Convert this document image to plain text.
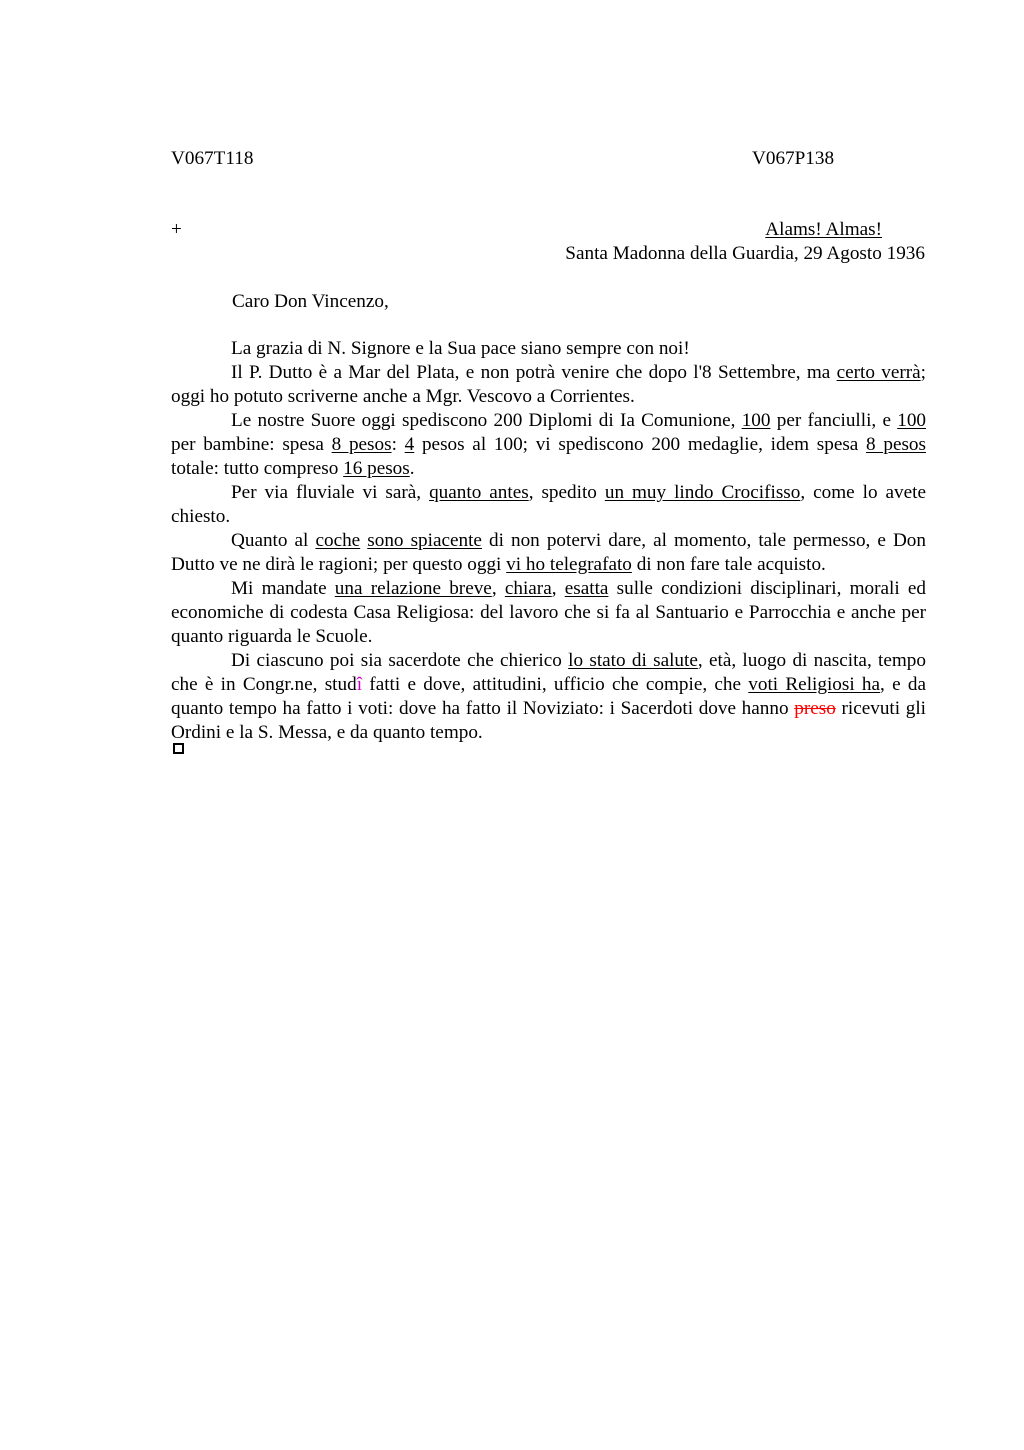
V067T118	V067P138
+	Alams! Almas!
Santa Madonna della Guardia, 29 Agosto 1936
Caro Don Vincenzo,

La grazia di N. Signore e la Sua pace siano sempre con noi!

Il P. Dutto è a Mar del Plata, e non potrà venire che dopo l'8 Settembre, ma certo verrà; oggi ho potuto scriverne anche a Mgr. Vescovo a Corrientes.

Le nostre Suore oggi spediscono 200 Diplomi di Ia Comunione, 100 per fanciulli, e 100 per bambine: spesa 8 pesos: 4 pesos al 100; vi spediscono 200 medaglie, idem spesa 8 pesos totale: tutto compreso 16 pesos.

Per via fluviale vi sarà, quanto antes, spedito un muy lindo Crocifisso, come lo avete chiesto.

Quanto al coche sono spiacente di non potervi dare, al momento, tale permesso, e Don Dutto ve ne dirà le ragioni; per questo oggi vi ho telegrafato di non fare tale acquisto.

Mi mandate una relazione breve, chiara, esatta sulle condizioni disciplinari, morali ed economiche di codesta Casa Religiosa: del lavoro che si fa al Santuario e Parrocchia e anche per quanto riguarda le Scuole.

Di ciascuno poi sia sacerdote che chierico lo stato di salute, età, luogo di nascita, tempo che è in Congr.ne, studî fatti e dove, attitudini, ufficio che compie, che voti Religiosi ha, e da quanto tempo ha fatto i voti: dove ha fatto il Noviziato: i Sacerdoti dove hanno preso ricevuti gli Ordini e la S. Messa, e da quanto tempo.
